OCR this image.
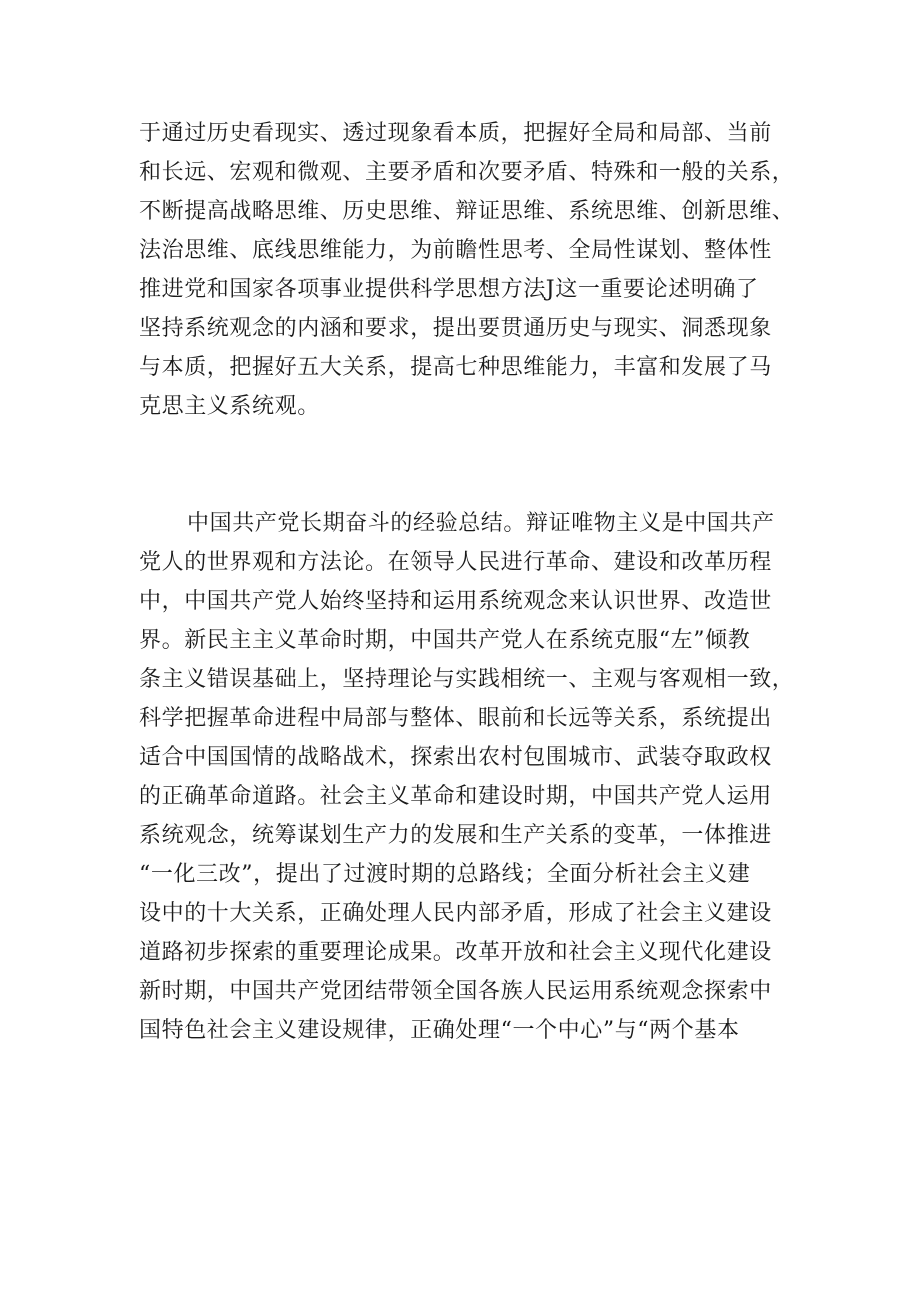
于通过历史看现实、透过现象看本质，把握好全局和局部、当前
和长远、宏观和微观、主要矛盾和次要矛盾、特殊和一般的关系，
不断提高战略思维、历史思维、辩证思维、系统思维、创新思维、
法治思维、底线思维能力，为前瞻性思考、全局性谋划、整体性
推进党和国家各项事业提供科学思想方法J这一重要论述明确了
坚持系统观念的内涵和要求，提出要贯通历史与现实、洞悉现象
与本质，把握好五大关系，提高七种思维能力，丰富和发展了马
克思主义系统观。
中国共产党长期奋斗的经验总结。辩证唯物主义是中国共产
党人的世界观和方法论。在领导人民进行革命、建设和改革历程
中，中国共产党人始终坚持和运用系统观念来认识世界、改造世
界。新民主主义革命时期，中国共产党人在系统克服“左”倾教
条主义错误基础上，坚持理论与实践相统一、主观与客观相一致，
科学把握革命进程中局部与整体、眼前和长远等关系，系统提出
适合中国国情的战略战术，探索出农村包围城市、武装夺取政权
的正确革命道路。社会主义革命和建设时期，中国共产党人运用
系统观念，统筹谋划生产力的发展和生产关系的变革，一体推进
“一化三改”，提出了过渡时期的总路线；全面分析社会主义建
设中的十大关系，正确处理人民内部矛盾，形成了社会主义建设
道路初步探索的重要理论成果。改革开放和社会主义现代化建设
新时期，中国共产党团结带领全国各族人民运用系统观念探索中
国特色社会主义建设规律，正确处理“一个中心”与“两个基本
